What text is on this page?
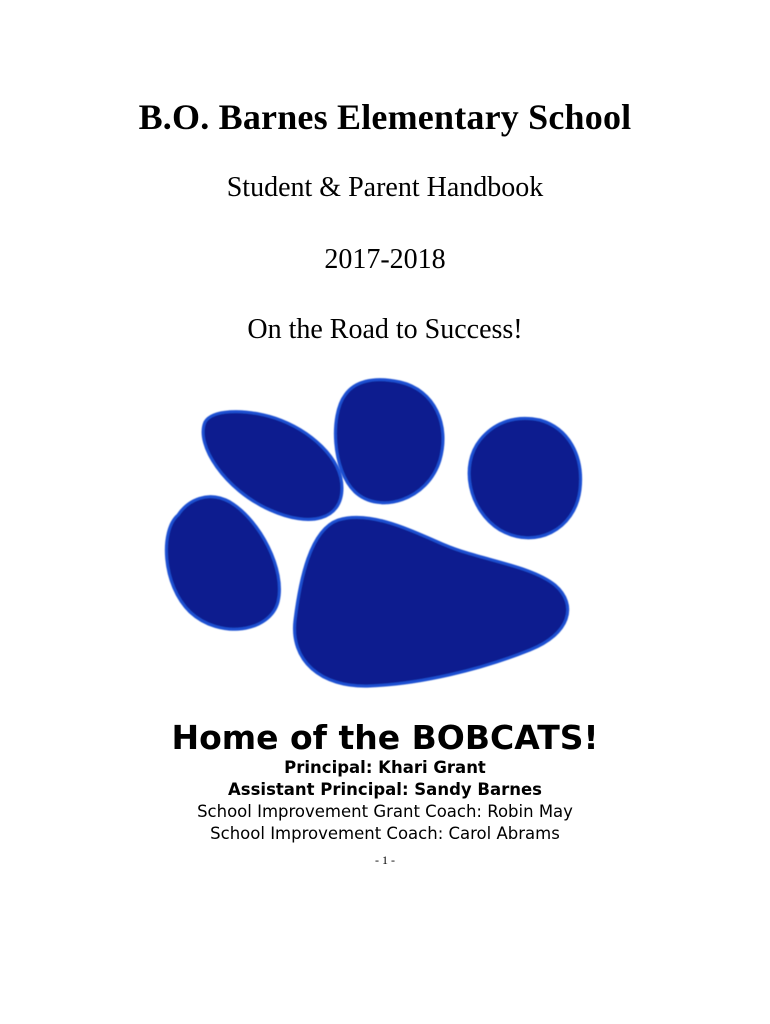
B.O. Barnes Elementary School
Student & Parent Handbook
2017-2018
On the Road to Success!
Home of the BOBCATS!
Principal: Khari Grant
Assistant Principal: Sandy Barnes
School Improvement Grant Coach: Robin May
School Improvement Coach: Carol Abrams
- 1 -
